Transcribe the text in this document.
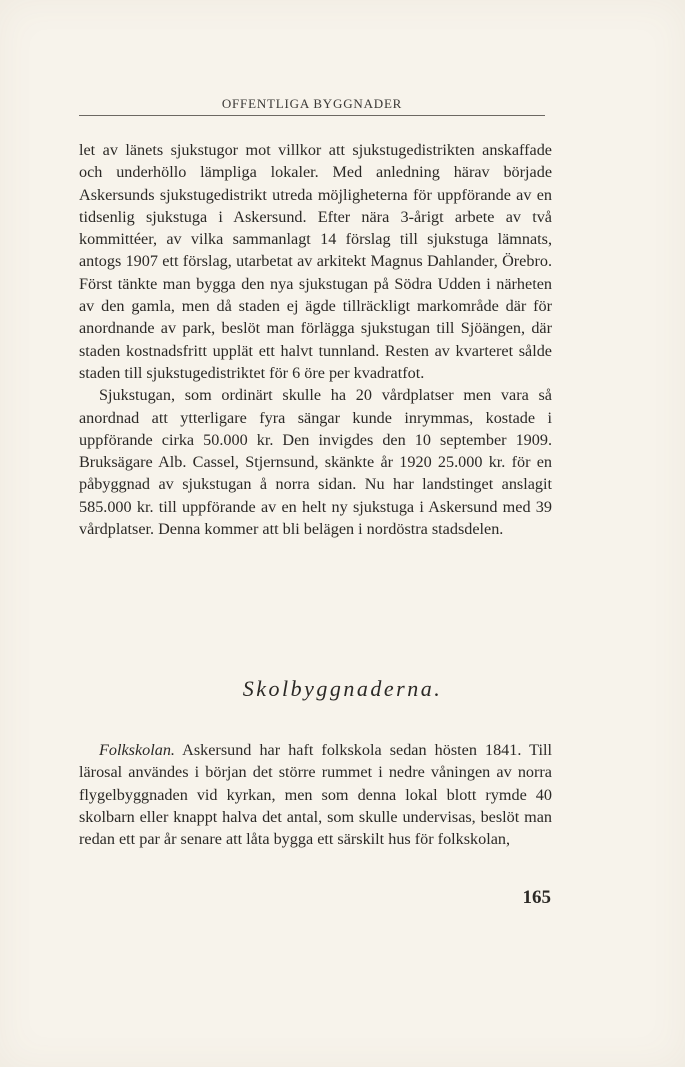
OFFENTLIGA BYGGNADER

let av länets sjukstugor mot villkor att sjukstugedistrikten anskaffade och underhöllo lämpliga lokaler. Med anledning härav började Askersunds sjukstugedistrikt utreda möjligheterna för uppförande av en tidsenlig sjukstuga i Askersund. Efter nära 3-årigt arbete av två kommittéer, av vilka sammanlagt 14 förslag till sjukstuga lämnats, antogs 1907 ett förslag, utarbetat av arkitekt Magnus Dahlander, Örebro. Först tänkte man bygga den nya sjukstugan på Södra Udden i närheten av den gamla, men då staden ej ägde tillräckligt markområde där för anordnande av park, beslöt man förlägga sjukstugan till Sjöängen, där staden kostnadsfritt upplät ett halvt tunnland. Resten av kvarteret sålde staden till sjukstugedistriktet för 6 öre per kvadratfot.

Sjukstugan, som ordinärt skulle ha 20 vårdplatser men vara så anordnad att ytterligare fyra sängar kunde inrymmas, kostade i uppförande cirka 50.000 kr. Den invigdes den 10 september 1909. Bruksägare Alb. Cassel, Stjernsund, skänkte år 1920 25.000 kr. för en påbyggnad av sjukstugan å norra sidan. Nu har landstinget anslagit 585.000 kr. till uppförande av en helt ny sjukstuga i Askersund med 39 vårdplatser. Denna kommer att bli belägen i nordöstra stadsdelen.

Skolbyggnaderna.

Folkskolan. Askersund har haft folkskola sedan hösten 1841. Till lärosal användes i början det större rummet i nedre våningen av norra flygelbyggnaden vid kyrkan, men som denna lokal blott rymde 40 skolbarn eller knappt halva det antal, som skulle undervisas, beslöt man redan ett par år senare att låta bygga ett särskilt hus för folkskolan,

165
